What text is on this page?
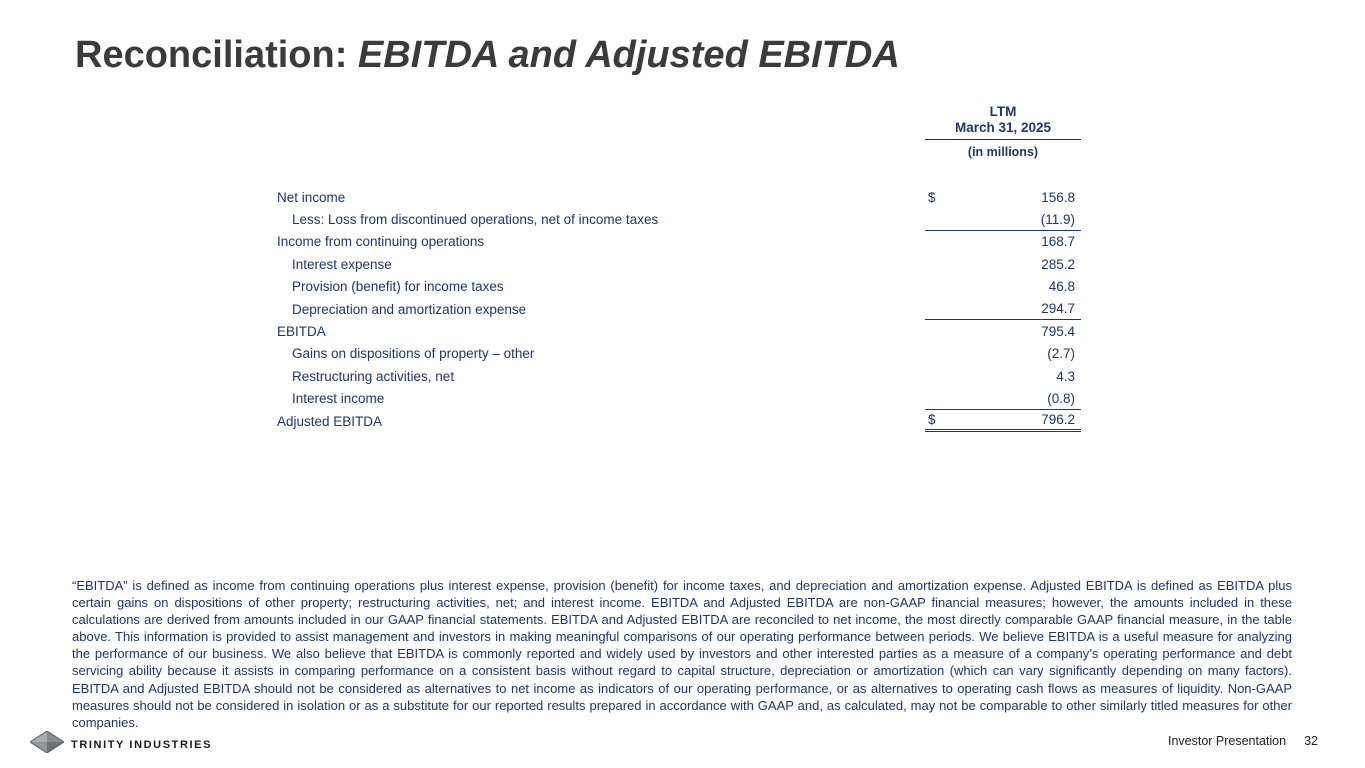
Reconciliation: EBITDA and Adjusted EBITDA
LTM
March 31, 2025
(in millions)
Net income	$	156.8
Less: Loss from discontinued operations, net of income taxes	(11.9)
Income from continuing operations	168.7
Interest expense	285.2
Provision (benefit) for income taxes	46.8
Depreciation and amortization expense	294.7
EBITDA	795.4
Gains on dispositions of property – other	(2.7)
Restructuring activities, net	4.3
Interest income	(0.8)
Adjusted EBITDA	$	796.2

“EBITDA” is defined as income from continuing operations plus interest expense, provision (benefit) for income taxes, and depreciation and amortization expense. Adjusted EBITDA is defined as EBITDA plus certain gains on dispositions of other property; restructuring activities, net; and interest income. EBITDA and Adjusted EBITDA are non-GAAP financial measures; however, the amounts included in these calculations are derived from amounts included in our GAAP financial statements. EBITDA and Adjusted EBITDA are reconciled to net income, the most directly comparable GAAP financial measure, in the table above. This information is provided to assist management and investors in making meaningful comparisons of our operating performance between periods. We believe EBITDA is a useful measure for analyzing the performance of our business. We also believe that EBITDA is commonly reported and widely used by investors and other interested parties as a measure of a company’s operating performance and debt servicing ability because it assists in comparing performance on a consistent basis without regard to capital structure, depreciation or amortization (which can vary significantly depending on many factors). EBITDA and Adjusted EBITDA should not be considered as alternatives to net income as indicators of our operating performance, or as alternatives to operating cash flows as measures of liquidity. Non-GAAP measures should not be considered in isolation or as a substitute for our reported results prepared in accordance with GAAP and, as calculated, may not be comparable to other similarly titled measures for other companies.

TRINITY INDUSTRIES	Investor Presentation 32
